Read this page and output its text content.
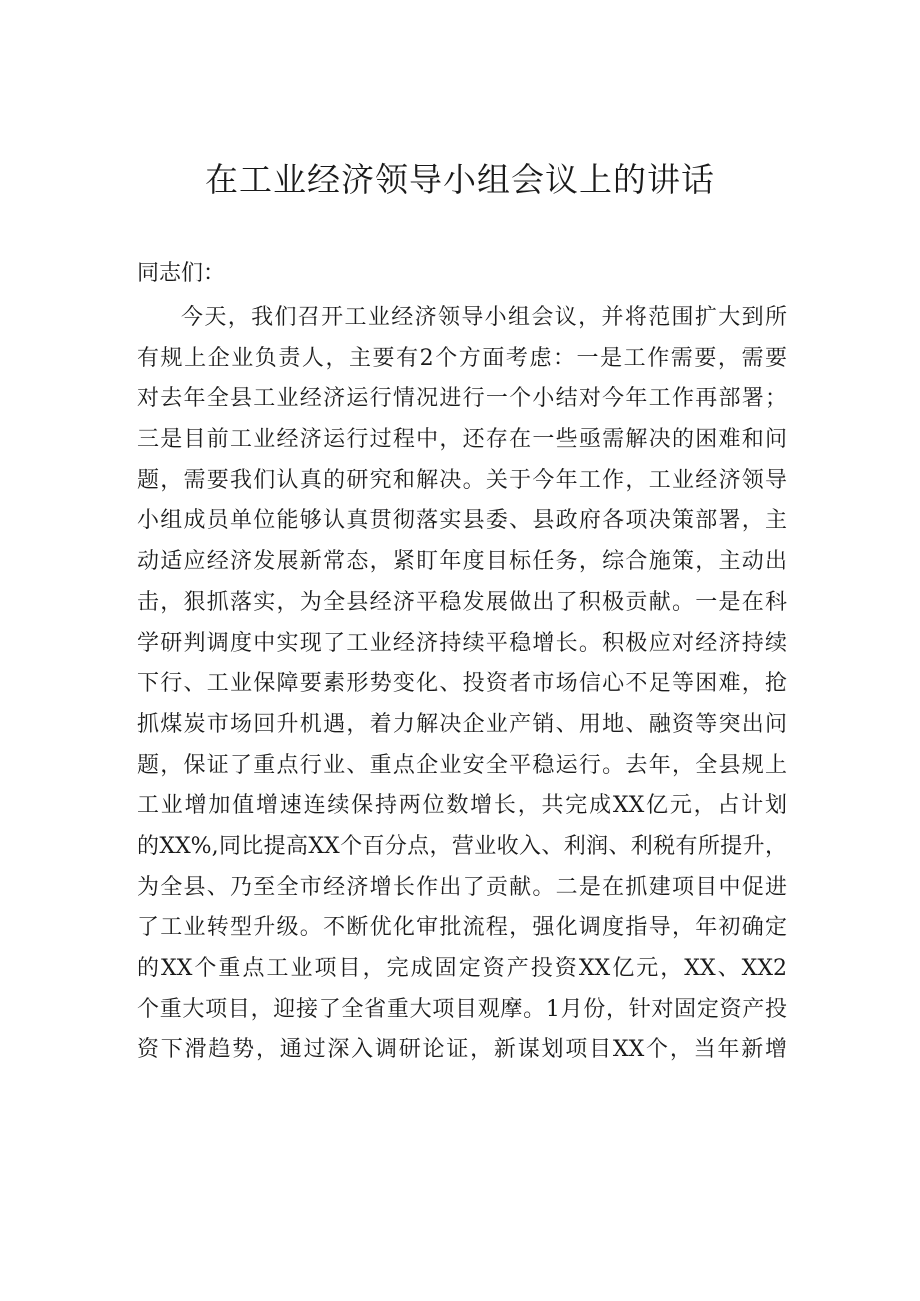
在工业经济领导小组会议上的讲话

同志们：

今天，我们召开工业经济领导小组会议，并将范围扩大到所
有规上企业负责人，主要有2个方面考虑：一是工作需要，需要
对去年全县工业经济运行情况进行一个小结对今年工作再部署；
三是目前工业经济运行过程中，还存在一些亟需解决的困难和问
题，需要我们认真的研究和解决。关于今年工作，工业经济领导
小组成员单位能够认真贯彻落实县委、县政府各项决策部署，主
动适应经济发展新常态，紧盯年度目标任务，综合施策，主动出
击，狠抓落实，为全县经济平稳发展做出了积极贡献。一是在科
学研判调度中实现了工业经济持续平稳增长。积极应对经济持续
下行、工业保障要素形势变化、投资者市场信心不足等困难，抢
抓煤炭市场回升机遇，着力解决企业产销、用地、融资等突出问
题，保证了重点行业、重点企业安全平稳运行。去年，全县规上
工业增加值增速连续保持两位数增长，共完成XX亿元，占计划
的XX%,同比提高XX个百分点，营业收入、利润、利税有所提升，
为全县、乃至全市经济增长作出了贡献。二是在抓建项目中促进
了工业转型升级。不断优化审批流程，强化调度指导，年初确定
的XX个重点工业项目，完成固定资产投资XX亿元，XX、XX2
个重大项目，迎接了全省重大项目观摩。1月份，针对固定资产投
资下滑趋势，通过深入调研论证，新谋划项目XX个，当年新增
